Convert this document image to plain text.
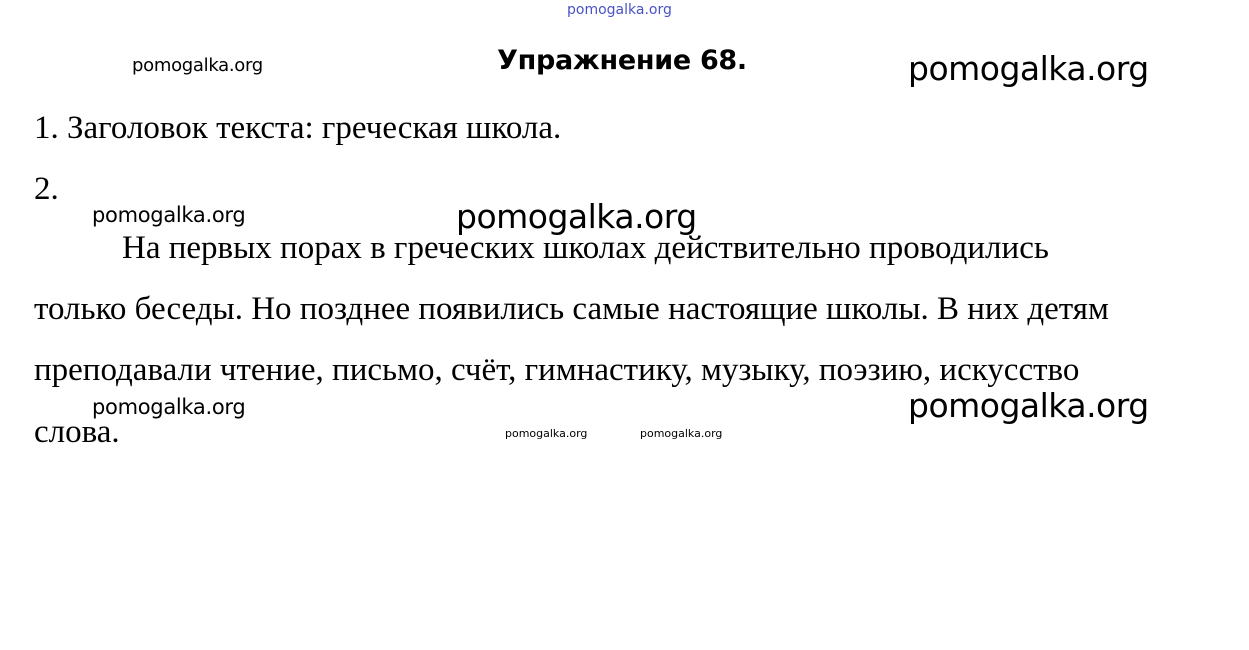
pomogalka.org
pomogalka.org	Упражнение 68.	pomogalka.org
1. Заголовок текста: греческая школа.
2.
pomogalka.org	pomogalka.org
На первых порах в греческих школах действительно проводились
только беседы. Но позднее появились самые настоящие школы. В них детям
преподавали чтение, письмо, счёт, гимнастику, музыку, поэзию, искусство
pomogalka.org	pomogalka.org
слова.	pomogalka.org	pomogalka.org
